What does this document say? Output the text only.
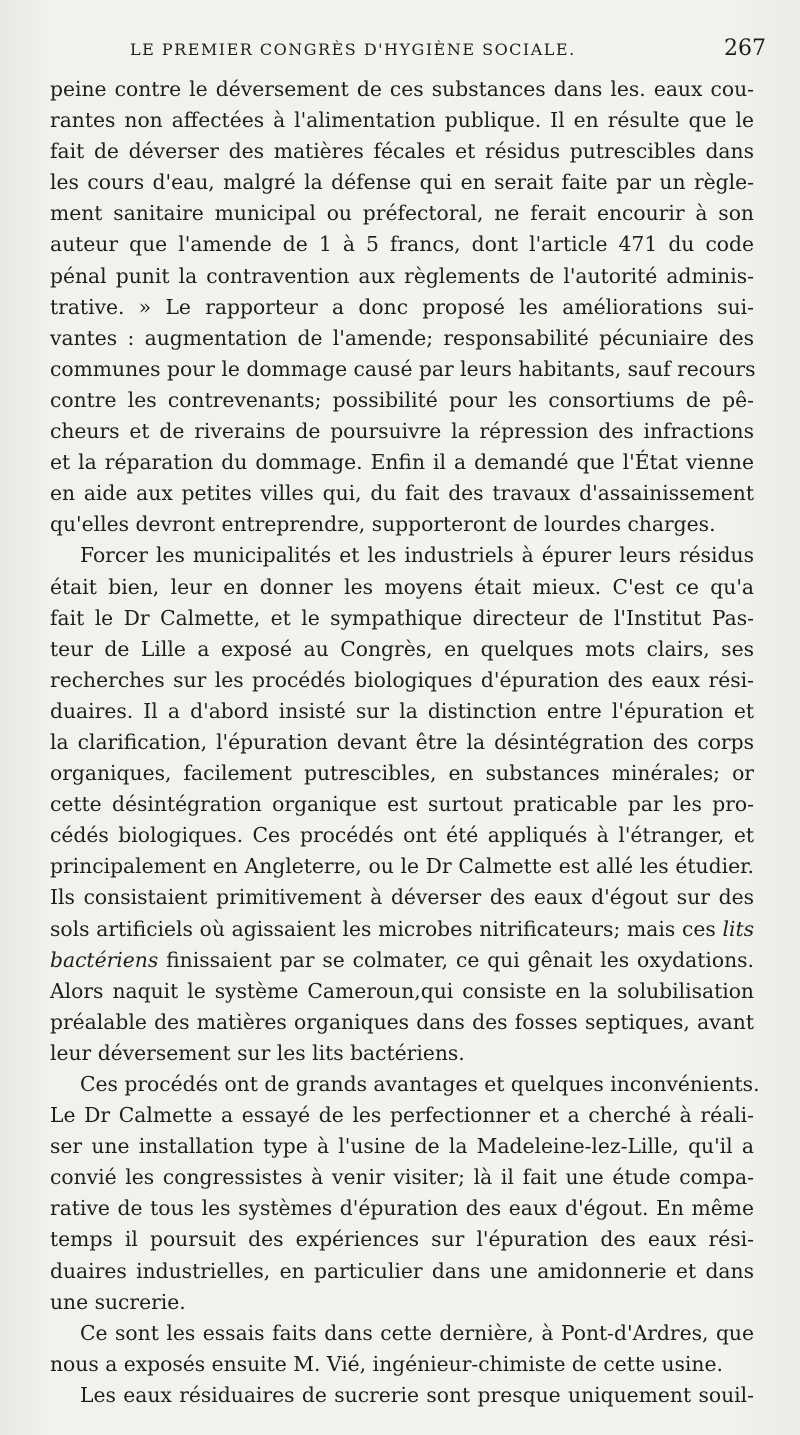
LE PREMIER CONGRÈS D'HYGIÈNE SOCIALE.	267
peine contre le déversement de ces substances dans les. eaux cou-
rantes non affectées à l'alimentation publique. Il en résulte que le
fait de déverser des matières fécales et résidus putrescibles dans
les cours d'eau, malgré la défense qui en serait faite par un règle-
ment sanitaire municipal ou préfectoral, ne ferait encourir à son
auteur que l'amende de 1 à 5 francs, dont l'article 471 du code
pénal punit la contravention aux règlements de l'autorité adminis-
trative. » Le rapporteur a donc proposé les améliorations sui-
vantes : augmentation de l'amende; responsabilité pécuniaire des
communes pour le dommage causé par leurs habitants, sauf recours
contre les contrevenants; possibilité pour les consortiums de pê-
cheurs et de riverains de poursuivre la répression des infractions
et la réparation du dommage. Enfin il a demandé que l'État vienne
en aide aux petites villes qui, du fait des travaux d'assainissement
qu'elles devront entreprendre, supporteront de lourdes charges.
Forcer les municipalités et les industriels à épurer leurs résidus
était bien, leur en donner les moyens était mieux. C'est ce qu'a
fait le Dr Calmette, et le sympathique directeur de l'Institut Pas-
teur de Lille a exposé au Congrès, en quelques mots clairs, ses
recherches sur les procédés biologiques d'épuration des eaux rési-
duaires. Il a d'abord insisté sur la distinction entre l'épuration et
la clarification, l'épuration devant être la désintégration des corps
organiques, facilement putrescibles, en substances minérales; or
cette désintégration organique est surtout praticable par les pro-
cédés biologiques. Ces procédés ont été appliqués à l'étranger, et
principalement en Angleterre, ou le Dr Calmette est allé les étudier.
Ils consistaient primitivement à déverser des eaux d'égout sur des
sols artificiels où agissaient les microbes nitrificateurs; mais ces lits
bactériens finissaient par se colmater, ce qui gênait les oxydations.
Alors naquit le système Cameroun,qui consiste en la solubilisation
préalable des matières organiques dans des fosses septiques, avant
leur déversement sur les lits bactériens.
Ces procédés ont de grands avantages et quelques inconvénients.
Le Dr Calmette a essayé de les perfectionner et a cherché à réali-
ser une installation type à l'usine de la Madeleine-lez-Lille, qu'il a
convié les congressistes à venir visiter; là il fait une étude compa-
rative de tous les systèmes d'épuration des eaux d'égout. En même
temps il poursuit des expériences sur l'épuration des eaux rési-
duaires industrielles, en particulier dans une amidonnerie et dans
une sucrerie.
Ce sont les essais faits dans cette dernière, à Pont-d'Ardres, que
nous a exposés ensuite M. Vié, ingénieur-chimiste de cette usine.
Les eaux résiduaires de sucrerie sont presque uniquement souil-
